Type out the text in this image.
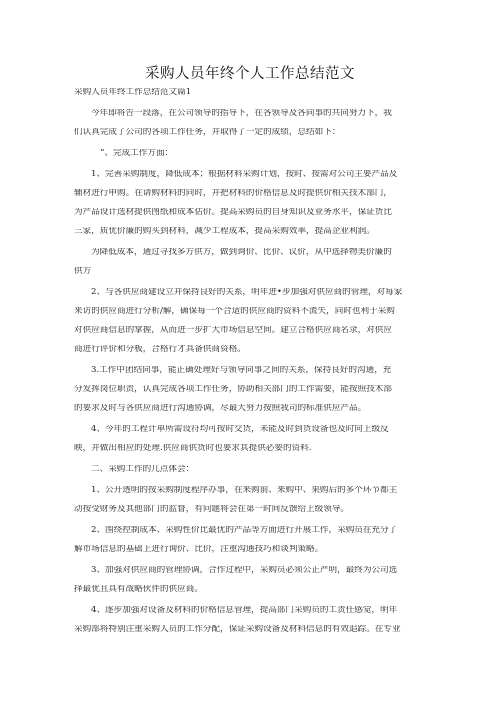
采购人员年终个人工作总结范文
采购人员年终工作总结范文篇1
今年即将告一段落，在公司领导的指导下，在各领导及各同事的共同努力下，我
们认真完成了公司的各项工作任务，并取得了一定的成绩，总结如下：
“、完成工作方面：
1、完善采购制度，降低成本；根据材料采购计划，按时、按需对公司主要产品及
辅材进行申购。在请购材料的同时，并把材料的价格信息及时提供价相关技术部门，
为产品设计选材提供图纸和成本估价。提高采购员的自身知识及业务水平，保证货比
三家，质优价廉的购买到材料，减少工程成本，提高采购效率，提高企业利润。
为降低成本，通过寻找多方供方，做到询价、比价、议价，从中选择物美价廉的
供方
2、与各供应商建设立并保持良好的关系，明年进•步加强对供应商的管理，对每家
来访的供应商进行分析/解，确保每一个合适的供应商的资料不流失，同时也利于采购
对供应商信息的掌握，从而进一步扩大市场信息空间。建立合格供应商名录，对供应
商进行评价和分板，合格行才具备供商资格。
3.工作中团结同事，能正确处理好与领导同事之间的关系，保持良好的沟通，充
分发挥岗位职责，认真完成各项工作任务，协助相关部门的工作需要，能按照技术部
的要求及时与各供应商进行沟通协调，尽最大努力按照我司的标准供应产品。
4、今年的工程计单所需设符均可按时交货，未能及时到货设备也及时向上级反
映，并做出相应的处理.供应商供货时也要求其提供必要的资料.
二、采购工作的几点体会：
1、公开透明的按采购制度程序办事，在来购前、来购中、果购后的多个环节都主
动按受财务及其他部门的监督，有问题将会在第一时间反馈给上级领导。
2、围绕控制成本、采购性价比最优的产品等方面进行开展工作，采购员在充分了
解市场信息的基础上进行询价、比价，注重沟通技巧和谈判策略。
3、加强对供应商的管理协调，合作过程中，采购员必须公正严明，最终为公司选
择最优且具有战略伙伴的供应商。
4、逐步加强对设备及材料的价格信息管理，提高部门采购员的工责任感觉，明年
采购部将特别注重采购人员的工作分配，保证采购设备及材料信息的有效追踪。在专业
